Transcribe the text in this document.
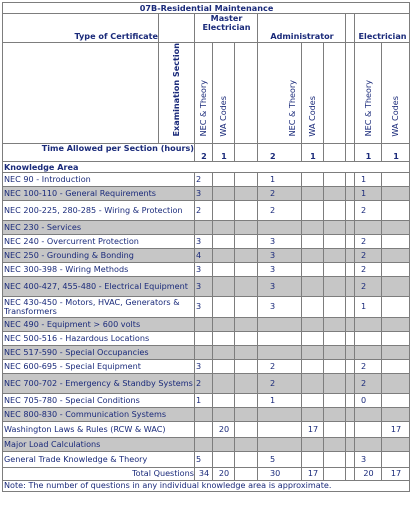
07B-Residential Maintenance										
Type of Certificate		Master Electrician			Administrator				Electrician	
	Examination Section	NEC & Theory	WA Codes		NEC & Theory	WA Codes			NEC & Theory	WA Codes
Time Allowed per Section (hours)		2	1		2	1			1	1
Knowledge Area										
NEC 90 - Introduction		2			1				1	
NEC 100-110 - General Requirements		3			2				1	
NEC 200-225, 280-285 - Wiring & Protection		2			2				2	
NEC 230 - Services										
NEC 240 - Overcurrent Protection		3			3				2	
NEC 250 - Grounding & Bonding		4			3				2	
NEC 300-398 - Wiring Methods		3			3				2	
NEC 400-427, 455-480 - Electrical Equipment		3			3				2	
NEC 430-450 - Motors, HVAC, Generators & Transformers		3			3				1	
NEC 490 - Equipment > 600 volts										
NEC 500-516 - Hazardous Locations										
NEC 517-590 - Special Occupancies										
NEC 600-695 - Special Equipment		3			2				2	
NEC 700-702 - Emergency & Standby Systems		2			2				2	
NEC 705-780 - Special Conditions		1			1				0	
NEC 800-830 - Communication Systems										
Washington Laws & Rules (RCW & WAC)			20			17				17
Major Load Calculations										
General Trade Knowledge & Theory		5			5				3	
Total Questions		34	20		30	17			20	17
Note: The number of questions in any individual knowledge area is approximate.										
